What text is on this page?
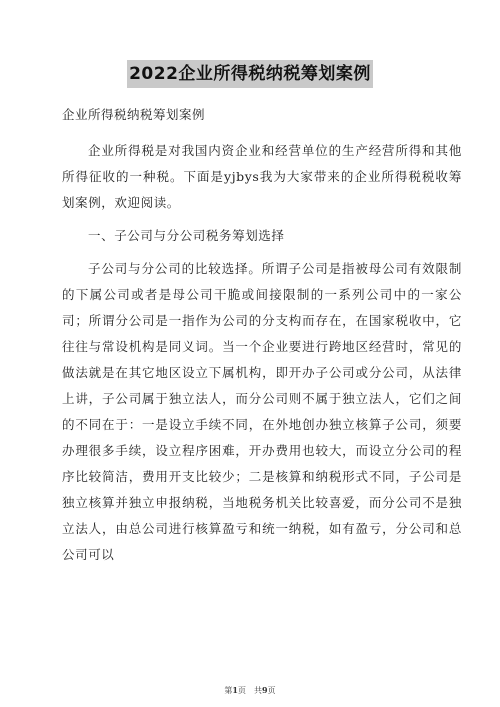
2022企业所得税纳税筹划案例
企业所得税纳税筹划案例

企业所得税是对我国内资企业和经营单位的生产经营所得和其他所得征收的一种税。下面是yjbys我为大家带来的企业所得税税收筹划案例，欢迎阅读。

一、子公司与分公司税务筹划选择

子公司与分公司的比较选择。所谓子公司是指被母公司有效限制的下属公司或者是母公司干脆或间接限制的一系列公司中的一家公司；所谓分公司是一指作为公司的分支构而存在，在国家税收中，它往往与常设机构是同义词。当一个企业要进行跨地区经营时，常见的做法就是在其它地区设立下属机构，即开办子公司或分公司，从法律上讲，子公司属于独立法人，而分公司则不属于独立法人，它们之间的不同在于：一是设立手续不同，在外地创办独立核算子公司，须要办理很多手续，设立程序困难，开办费用也较大，而设立分公司的程序比较简洁，费用开支比较少；二是核算和纳税形式不同，子公司是独立核算并独立申报纳税，当地税务机关比较喜爱，而分公司不是独立法人，由总公司进行核算盈亏和统一纳税，如有盈亏，分公司和总公司可以

第1页 共9页
